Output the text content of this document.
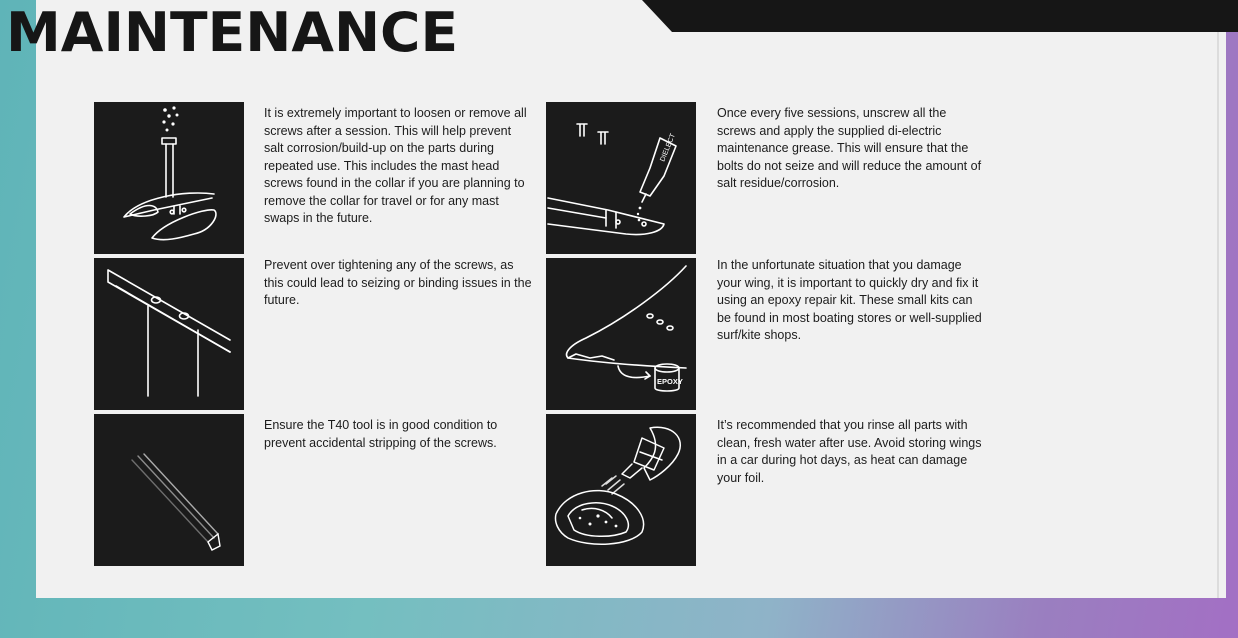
MAINTENANCE

It is extremely important to loosen or remove all screws after a session. This will help prevent salt corrosion/build-up on the parts during repeated use. This includes the mast head screws found in the collar if you are planning to remove the collar for travel or for any mast swaps in the future.

Prevent over tightening any of the screws, as this could lead to seizing or binding issues in the future.

Ensure the T40 tool is in good condition to prevent accidental stripping of the screws.

DIELECT

Once every five sessions, unscrew all the screws and apply the supplied di-electric maintenance grease. This will ensure that the bolts do not seize and will reduce the amount of salt residue/corrosion.

EPOXY

In the unfortunate situation that you damage your wing, it is important to quickly dry and fix it using an epoxy repair kit. These small kits can be found in most boating stores or well-supplied surf/kite shops.

It’s recommended that you rinse all parts with clean, fresh water after use. Avoid storing wings in a car during hot days, as heat can damage your foil.
